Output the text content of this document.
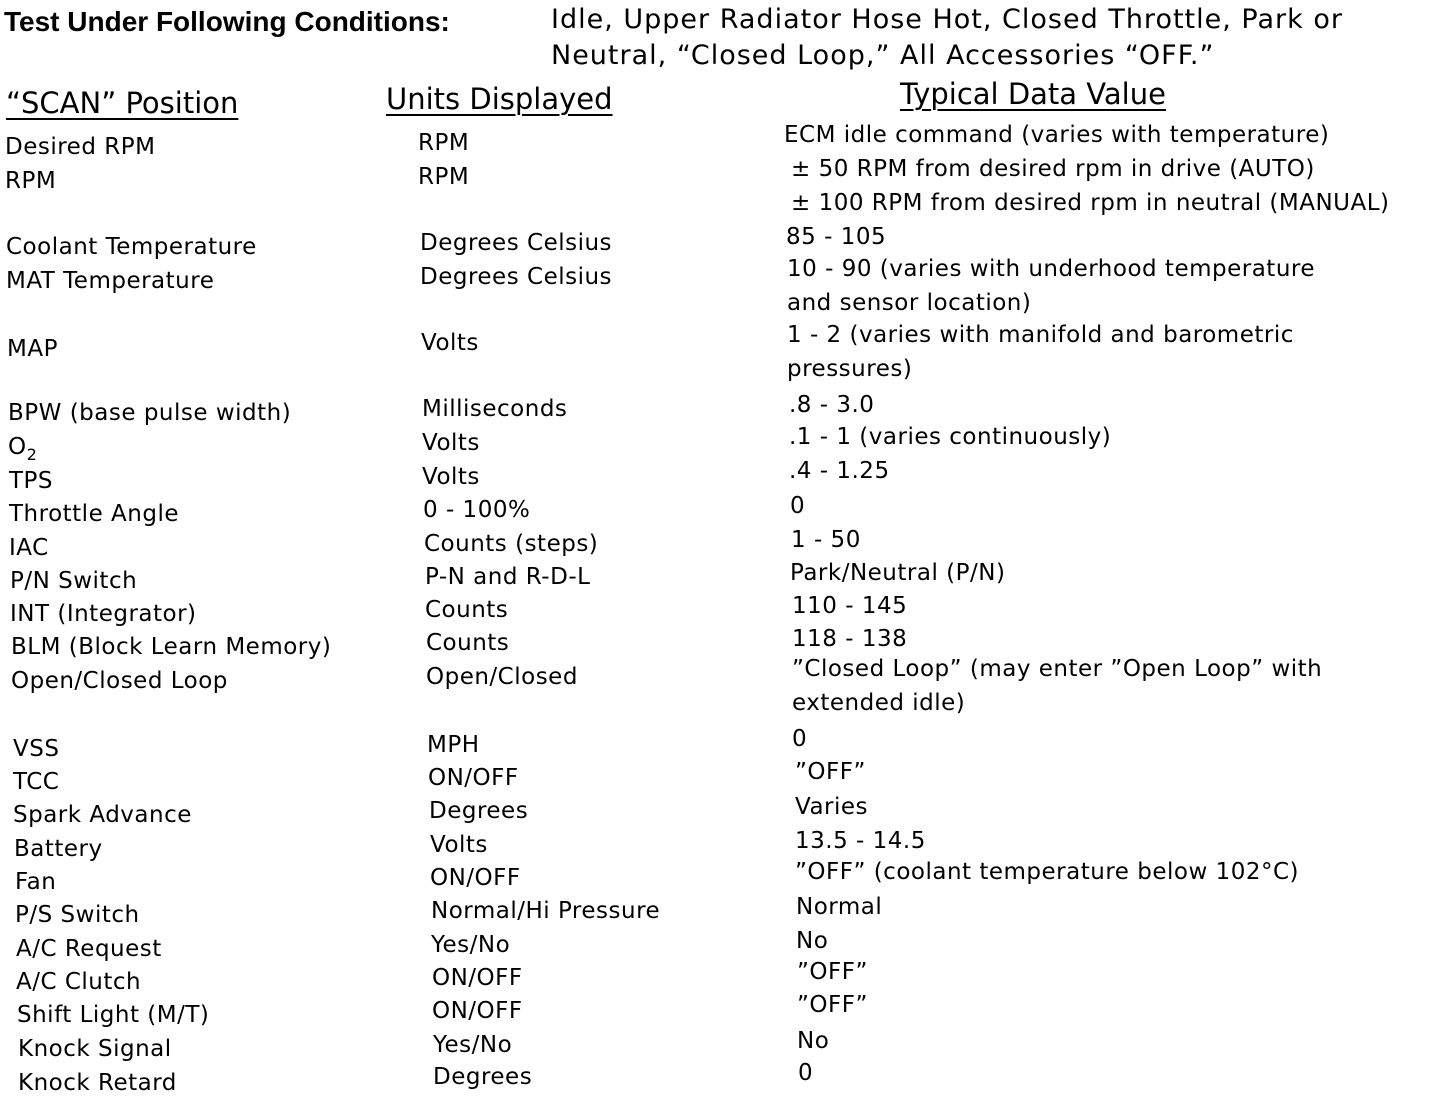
Test Under Following Conditions:	Idle, Upper Radiator Hose Hot, Closed Throttle, Park or
Neutral, “Closed Loop,” All Accessories “OFF.”
“SCAN” Position	Units Displayed	Typical Data Value
Desired RPM	RPM	ECM idle command (varies with temperature)
RPM	RPM	± 50 RPM from desired rpm in drive (AUTO)
± 100 RPM from desired rpm in neutral (MANUAL)
Coolant Temperature	Degrees Celsius	85 - 105
MAT Temperature	Degrees Celsius	10 - 90 (varies with underhood temperature
and sensor location)
MAP	Volts	1 - 2 (varies with manifold and barometric
pressures)
BPW (base pulse width)	Milliseconds	.8 - 3.0
$O_2$	Volts	.1 - 1 (varies continuously)
TPS	Volts	.4 - 1.25
Throttle Angle	0 - 100%	0
IAC	Counts (steps)	1 - 50
P/N Switch	P-N and R-D-L	Park/Neutral (P/N)
INT (Integrator)	Counts	110 - 145
BLM (Block Learn Memory)	Counts	118 - 138
Open/Closed Loop	Open/Closed	”Closed Loop” (may enter ”Open Loop” with
extended idle)
VSS	MPH	0
TCC	ON/OFF	”OFF”
Spark Advance	Degrees	Varies
Battery	Volts	13.5 - 14.5
Fan	ON/OFF	”OFF” (coolant temperature below 102°C)
P/S Switch	Normal/Hi Pressure	Normal
A/C Request	Yes/No	No
A/C Clutch	ON/OFF	”OFF”
Shift Light (M/T)	ON/OFF	”OFF”
Knock Signal	Yes/No	No
Knock Retard	Degrees	0
